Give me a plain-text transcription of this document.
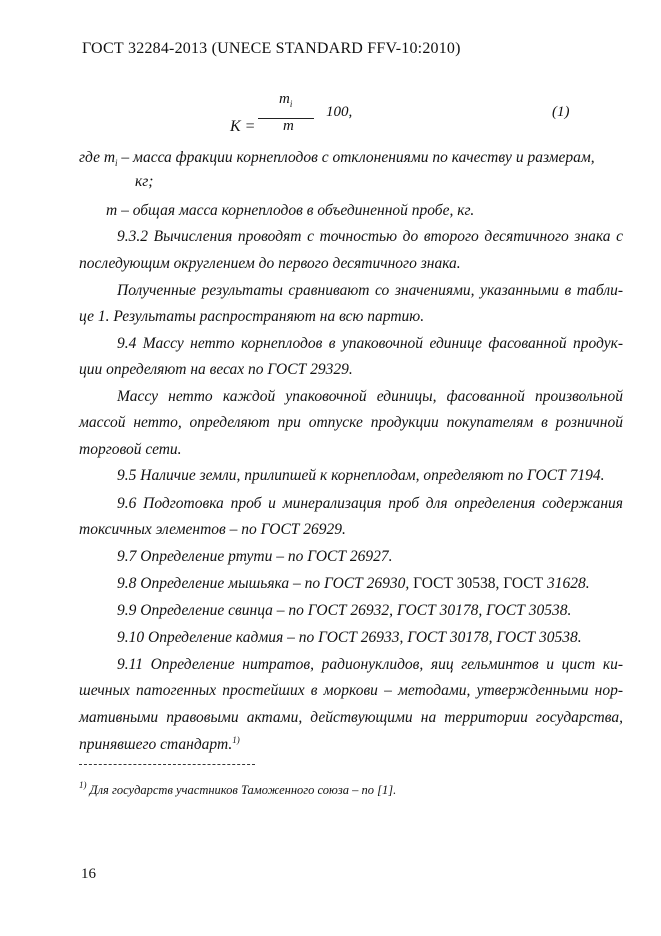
ГОСТ 32284-2013 (UNECE STANDARD FFV-10:2010)
$m_i$
K = m
100,	(1)
где $m_i$ – масса фракции корнеплодов с отклонениями по качеству и размерам,
кг;
m – общая масса корнеплодов в объединенной пробе, кг.
9.3.2 Вычисления проводят с точностью до второго десятичного знака с
последующим округлением до первого десятичного знака.
Полученные результаты сравнивают со значениями, указанными в табли-
це 1. Результаты распространяют на всю партию.
9.4 Массу нетто корнеплодов в упаковочной единице фасованной продук-
ции определяют на весах по ГОСТ 29329.
Массу нетто каждой упаковочной единицы, фасованной произвольной
массой нетто, определяют при отпуске продукции покупателям в розничной
торговой сети.
9.5 Наличие земли, прилипшей к корнеплодам, определяют по ГОСТ 7194.
9.6 Подготовка проб и минерализация проб для определения содержания
токсичных элементов – по ГОСТ 26929.
9.7 Определение ртути – по ГОСТ 26927.
9.8 Определение мышьяка – по ГОСТ 26930, ГОСТ 30538, ГОСТ 31628.
9.9 Определение свинца – по ГОСТ 26932, ГОСТ 30178, ГОСТ 30538.
9.10 Определение кадмия – по ГОСТ 26933, ГОСТ 30178, ГОСТ 30538.
9.11 Определение нитратов, радионуклидов, яиц гельминтов и цист ки-
шечных патогенных простейших в моркови – методами, утвержденными нор-
мативными правовыми актами, действующими на территории государства,
принявшего стандарт.$^{1)}$
$^{1)}$ Для государств участников Таможенного союза – по [1].
16
